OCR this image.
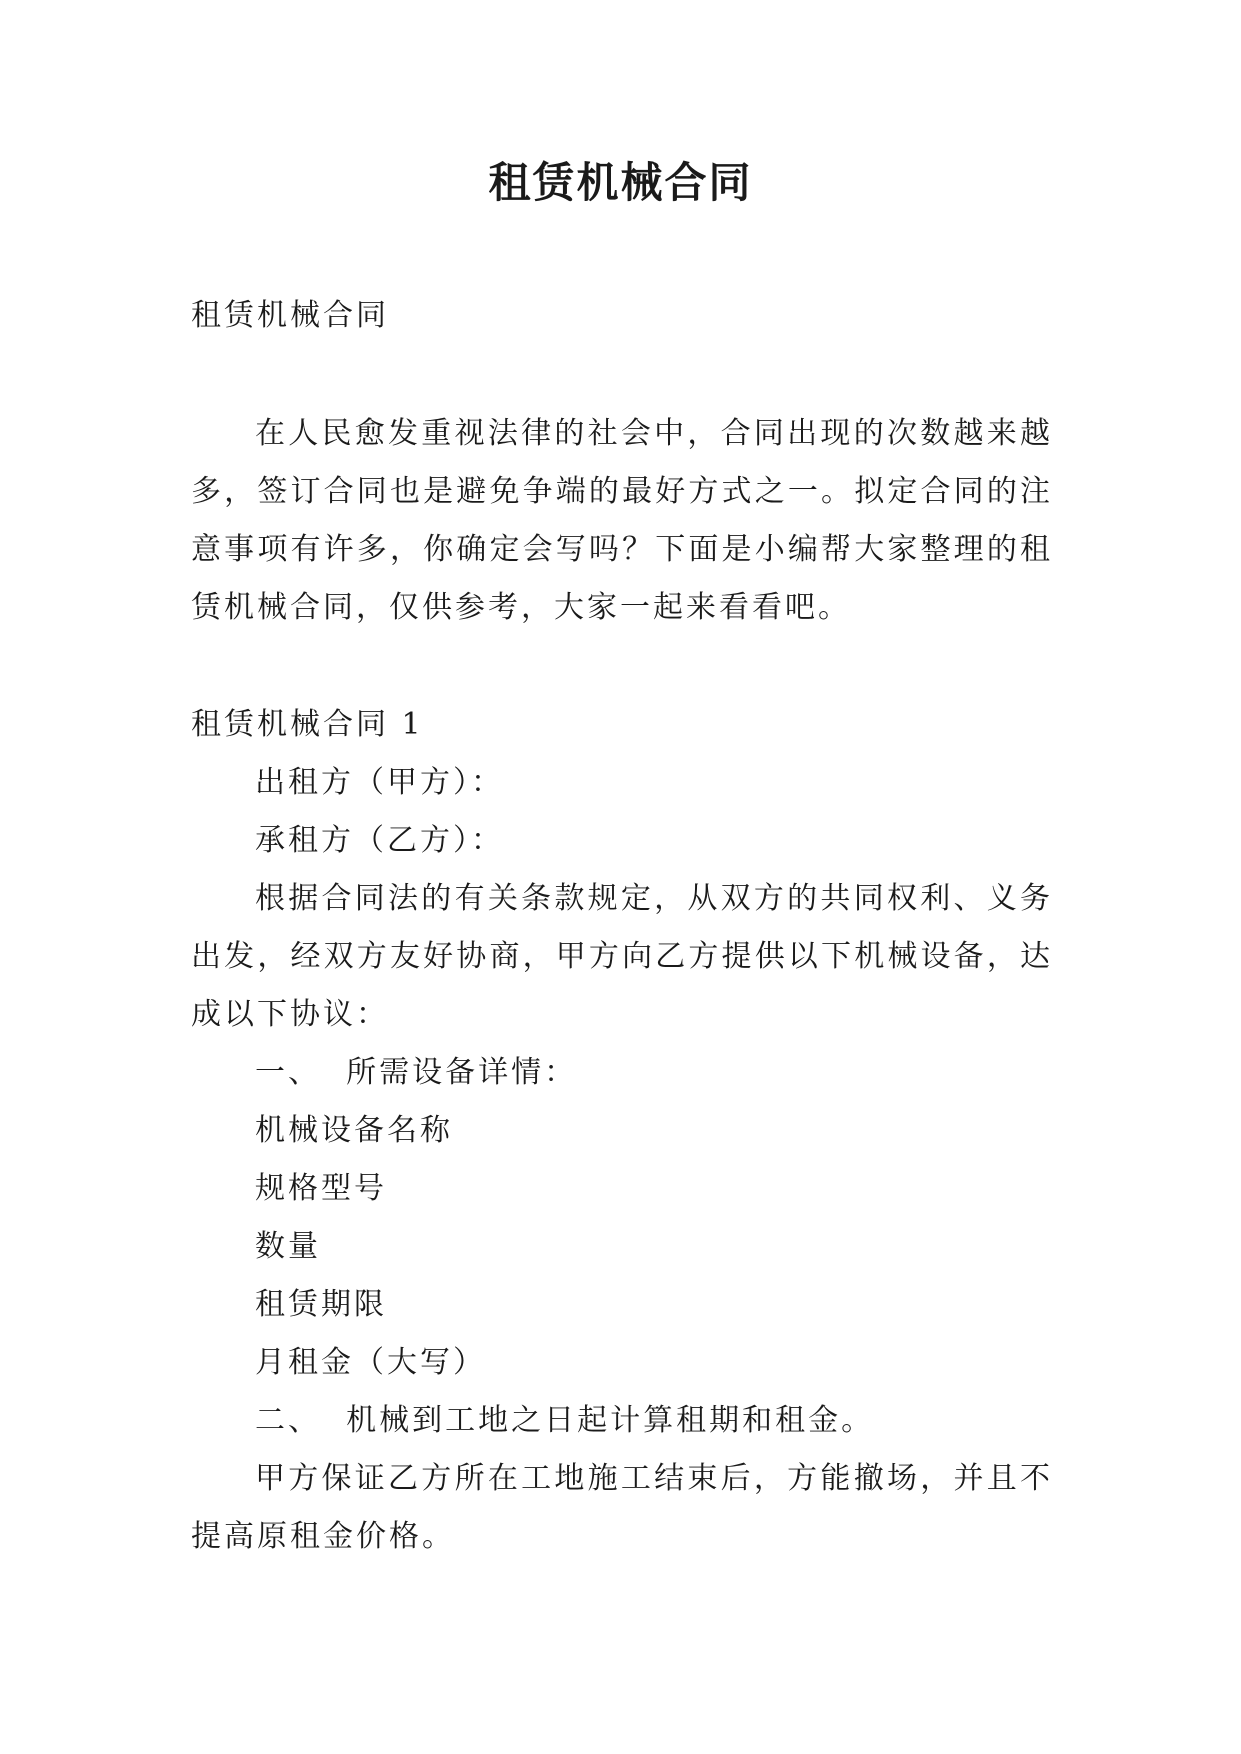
租赁机械合同

租赁机械合同

在人民愈发重视法律的社会中，合同出现的次数越来越多，签订合同也是避免争端的最好方式之一。拟定合同的注意事项有许多，你确定会写吗？下面是小编帮大家整理的租赁机械合同，仅供参考，大家一起来看看吧。

租赁机械合同 1

出租方（甲方）：

承租方（乙方）：

根据合同法的有关条款规定，从双方的共同权利、义务出发，经双方友好协商，甲方向乙方提供以下机械设备，达成以下协议：

一、  所需设备详情：

机械设备名称

规格型号

数量

租赁期限

月租金（大写）

二、  机械到工地之日起计算租期和租金。

甲方保证乙方所在工地施工结束后，方能撤场，并且不提高原租金价格。
